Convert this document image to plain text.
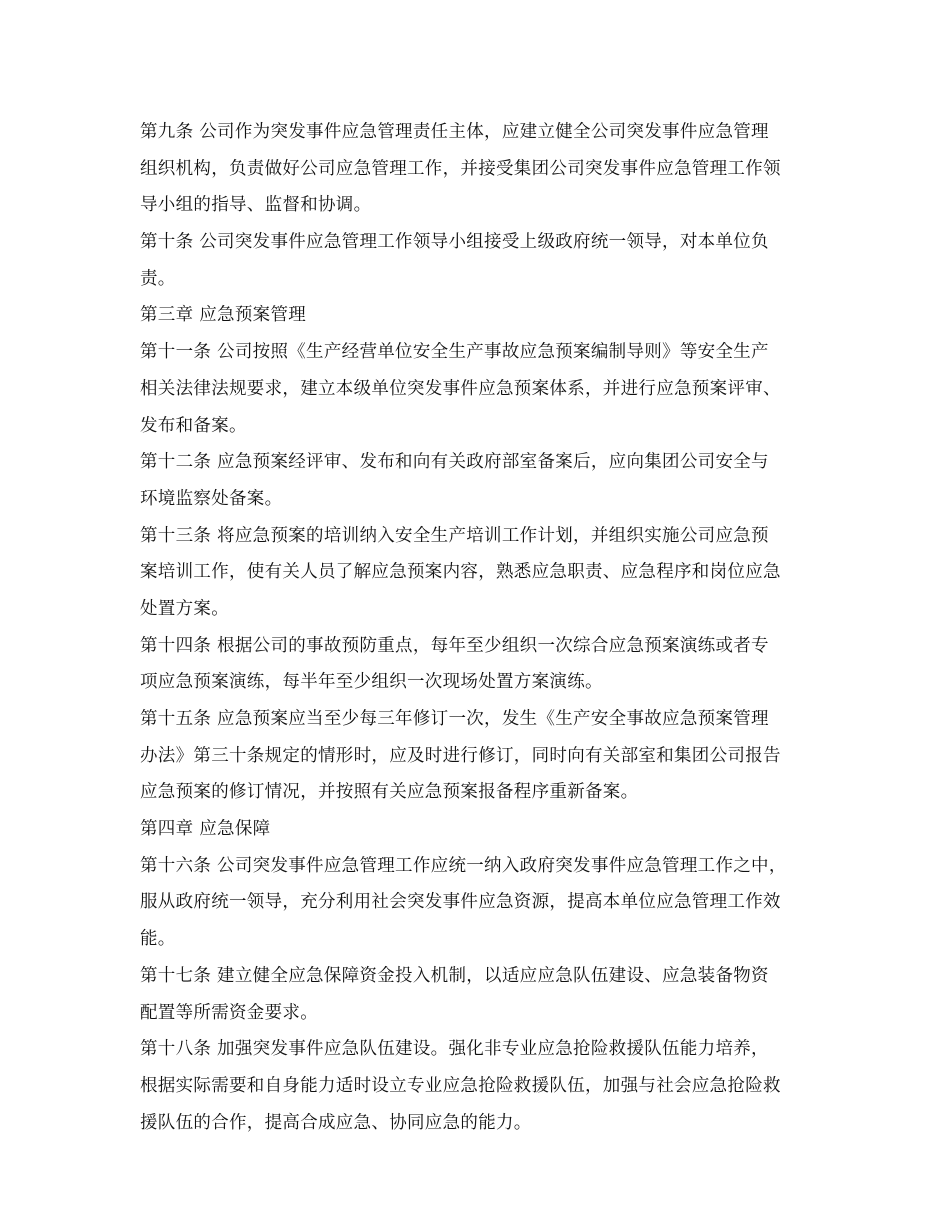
第九条 公司作为突发事件应急管理责任主体，应建立健全公司突发事件应急管理
组织机构，负责做好公司应急管理工作，并接受集团公司突发事件应急管理工作领
导小组的指导、监督和协调。
第十条 公司突发事件应急管理工作领导小组接受上级政府统一领导，对本单位负
责。
第三章 应急预案管理
第十一条 公司按照《生产经营单位安全生产事故应急预案编制导则》等安全生产
相关法律法规要求，建立本级单位突发事件应急预案体系，并进行应急预案评审、
发布和备案。
第十二条 应急预案经评审、发布和向有关政府部室备案后，应向集团公司安全与
环境监察处备案。
第十三条 将应急预案的培训纳入安全生产培训工作计划，并组织实施公司应急预
案培训工作，使有关人员了解应急预案内容，熟悉应急职责、应急程序和岗位应急
处置方案。
第十四条 根据公司的事故预防重点，每年至少组织一次综合应急预案演练或者专
项应急预案演练，每半年至少组织一次现场处置方案演练。
第十五条 应急预案应当至少每三年修订一次，发生《生产安全事故应急预案管理
办法》第三十条规定的情形时，应及时进行修订，同时向有关部室和集团公司报告
应急预案的修订情况，并按照有关应急预案报备程序重新备案。
第四章 应急保障
第十六条 公司突发事件应急管理工作应统一纳入政府突发事件应急管理工作之中，
服从政府统一领导，充分利用社会突发事件应急资源，提高本单位应急管理工作效
能。
第十七条 建立健全应急保障资金投入机制，以适应应急队伍建设、应急装备物资
配置等所需资金要求。
第十八条 加强突发事件应急队伍建设。强化非专业应急抢险救援队伍能力培养，
根据实际需要和自身能力适时设立专业应急抢险救援队伍，加强与社会应急抢险救
援队伍的合作，提高合成应急、协同应急的能力。
